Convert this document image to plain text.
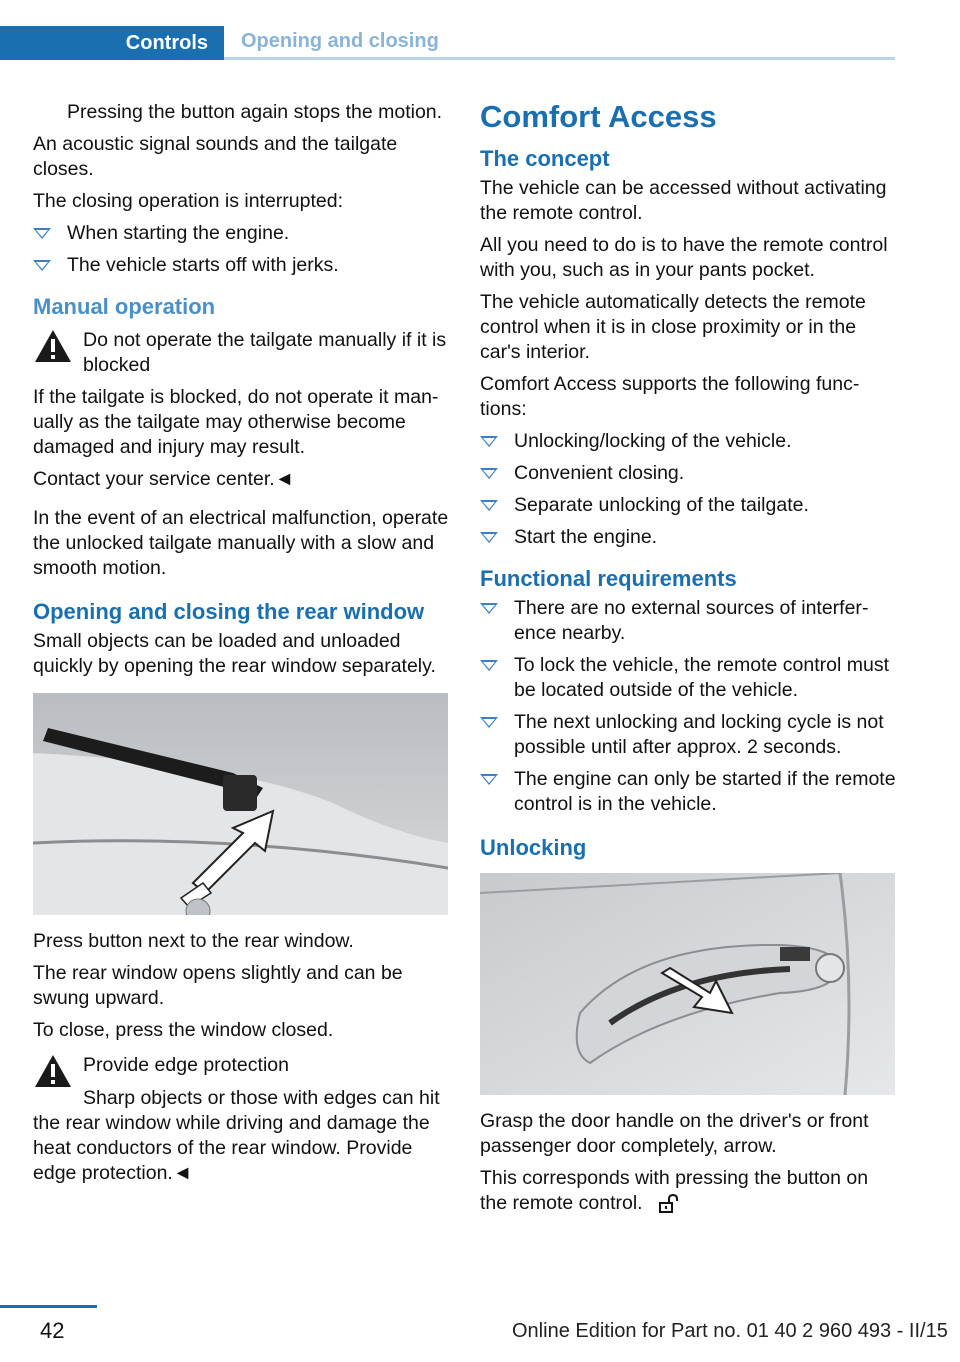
Controls	Opening and closing

Pressing the button again stops the motion.

An acoustic signal sounds and the tailgate closes.

The closing operation is interrupted:

When starting the engine.
The vehicle starts off with jerks.
Manual operation
Do not operate the tailgate manually if it is blocked

If the tailgate is blocked, do not operate it manually as the tailgate may otherwise become damaged and injury may result.

Contact your service center.◄

In the event of an electrical malfunction, operate the unlocked tailgate manually with a slow and smooth motion.

Opening and closing the rear window

Small objects can be loaded and unloaded quickly by opening the rear window separately.

Press button next to the rear window.

The rear window opens slightly and can be swung upward.

To close, press the window closed.

Provide edge protection

Sharp objects or those with edges can hit the rear window while driving and damage the heat conductors of the rear window. Provide edge protection.◄

Comfort Access
The concept

The vehicle can be accessed without activating the remote control.

All you need to do is to have the remote control with you, such as in your pants pocket.

The vehicle automatically detects the remote control when it is in close proximity or in the car's interior.

Comfort Access supports the following functions:

Unlocking/locking of the vehicle.
Convenient closing.
Separate unlocking of the tailgate.
Start the engine.
Functional requirements
There are no external sources of interference nearby.
To lock the vehicle, the remote control must be located outside of the vehicle.
The next unlocking and locking cycle is not possible until after approx. 2 seconds.
The engine can only be started if the remote control is in the vehicle.
Unlocking

Grasp the door handle on the driver's or front passenger door completely, arrow.

This corresponds with pressing the button on the remote control.

42	Online Edition for Part no. 01 40 2 960 493 - II/15
